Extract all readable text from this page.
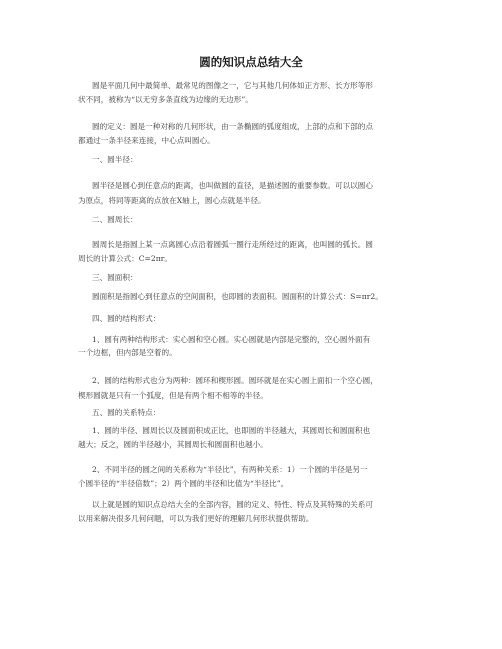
圆的知识点总结大全
圆是平面几何中最简单、最常见的图像之一，它与其他几何体如正方形、长方形等形
状不同，被称为“以无穷多条直线为边缘的无边形”。
圆的定义：圆是一种对称的几何形状，由一条椭圆的弧度组成，上部的点和下部的点
都通过一条半径来连接，中心点叫圆心。
一、圆半径：
圆半径是圆心到任意点的距离，也叫做圆的直径，是描述圆的重要参数。可以以圆心
为原点，将同等距离的点放在X轴上，圆心点就是半径。
二、圆周长：
圆周长是指圆上某一点离圆心点沿着圆弧一圈行走所经过的距离，也叫圆的弧长。圆
周长的计算公式：C=2πr。
三、圆面积：
圆面积是指圆心到任意点的空间面积，也即圆的表面积。圆面积的计算公式：S=πr2。
四、圆的结构形式：
1、圆有两种结构形式：实心圆和空心圆。实心圆就是内部是完整的，空心圆外面有
一个边框，但内部是空着的。
2、圆的结构形式也分为两种：圆环和楔形圆。圆环就是在实心圆上面扣一个空心圆，
楔形圆就是只有一个弧度，但是有两个相不相等的半径。
五、圆的关系特点：
1、圆的半径、圆周长以及圆面积成正比，也即圆的半径越大，其圆周长和圆面积也
越大；反之，圆的半径越小，其圆周长和圆面积也越小。
2、不同半径的圆之间的关系称为“半径比”，有两种关系：1）一个圆的半径是另一
个圆半径的“半径倍数”；2）两个圆的半径和比值为“半径比”。
以上就是圆的知识点总结大全的全部内容，圆的定义、特性、特点及其特殊的关系可
以用来解决很多几何问题，可以为我们更好的理解几何形状提供帮助。
